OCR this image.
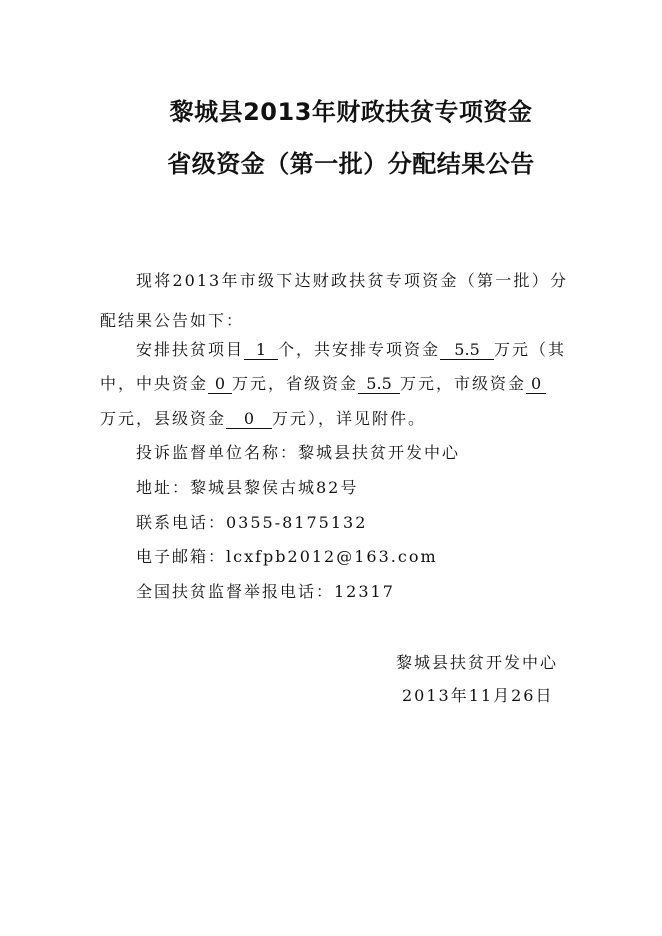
黎城县2013年财政扶贫专项资金
省级资金（第一批）分配结果公告
现将2013年市级下达财政扶贫专项资金（第一批）分
配结果公告如下：
安排扶贫项目 1 个，共安排专项资金 5.5 万元（其
中，中央资金 0 万元，省级资金 5.5 万元，市级资金 0
万元，县级资金 0 万元），详见附件。
投诉监督单位名称：黎城县扶贫开发中心
地址：黎城县黎侯古城82号
联系电话：0355-8175132
电子邮箱：lcxfpb2012@163.com
全国扶贫监督举报电话：12317
黎城县扶贫开发中心
2013年11月26日
